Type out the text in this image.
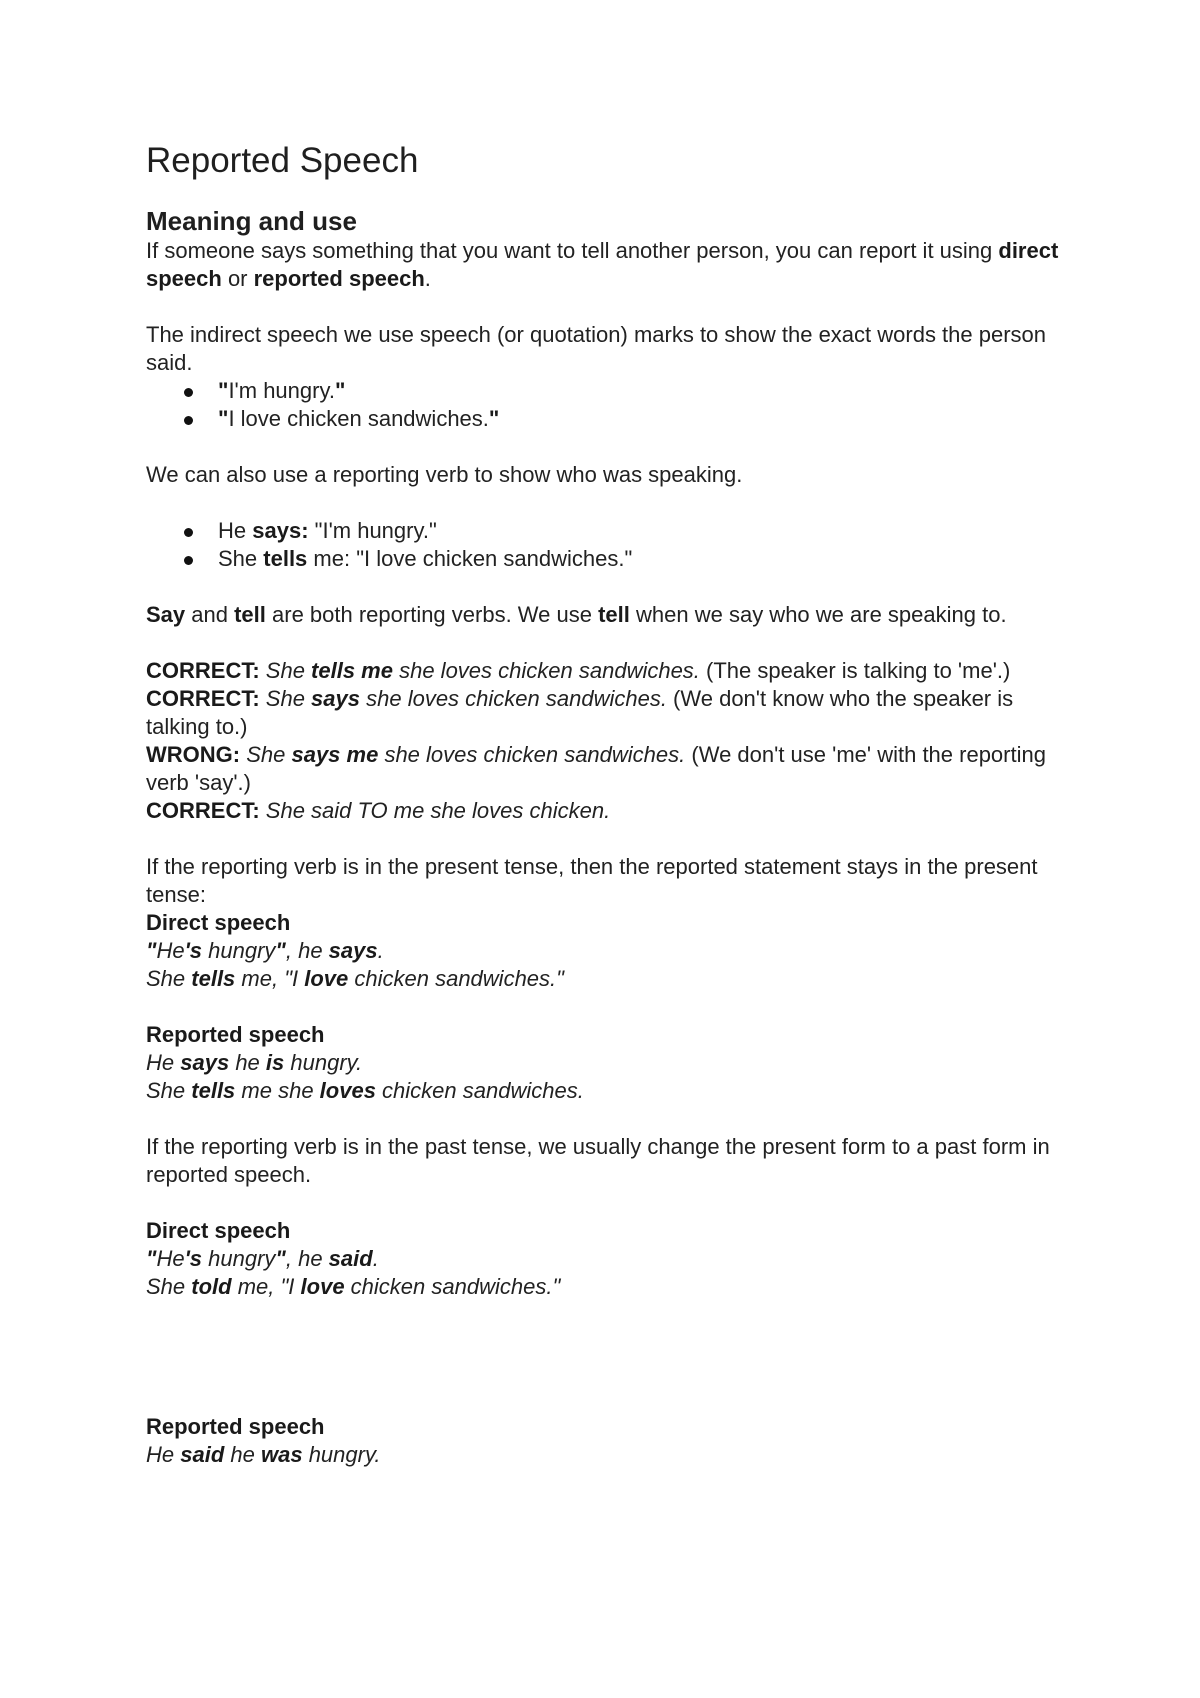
Reported Speech
Meaning and use

If someone says something that you want to tell another person, you can report it using direct speech or reported speech.

The indirect speech we use speech (or quotation) marks to show the exact words the person said.

"I'm hungry."
"I love chicken sandwiches."

We can also use a reporting verb to show who was speaking.

He says: "I'm hungry."
She tells me: "I love chicken sandwiches."

Say and tell are both reporting verbs. We use tell when we say who we are speaking to.

CORRECT: She tells me she loves chicken sandwiches. (The speaker is talking to 'me'.)

CORRECT: She says she loves chicken sandwiches. (We don't know who the speaker is talking to.)

WRONG: She says me she loves chicken sandwiches. (We don't use 'me' with the reporting verb 'say'.)

CORRECT: She said TO me she loves chicken.

If the reporting verb is in the present tense, then the reported statement stays in the present tense:

Direct speech

"He's hungry", he says.

She tells me, "I love chicken sandwiches."

Reported speech

He says he is hungry.

She tells me she loves chicken sandwiches.

If the reporting verb is in the past tense, we usually change the present form to a past form in reported speech.

Direct speech

"He's hungry", he said.

She told me, "I love chicken sandwiches."

Reported speech

He said he was hungry.
